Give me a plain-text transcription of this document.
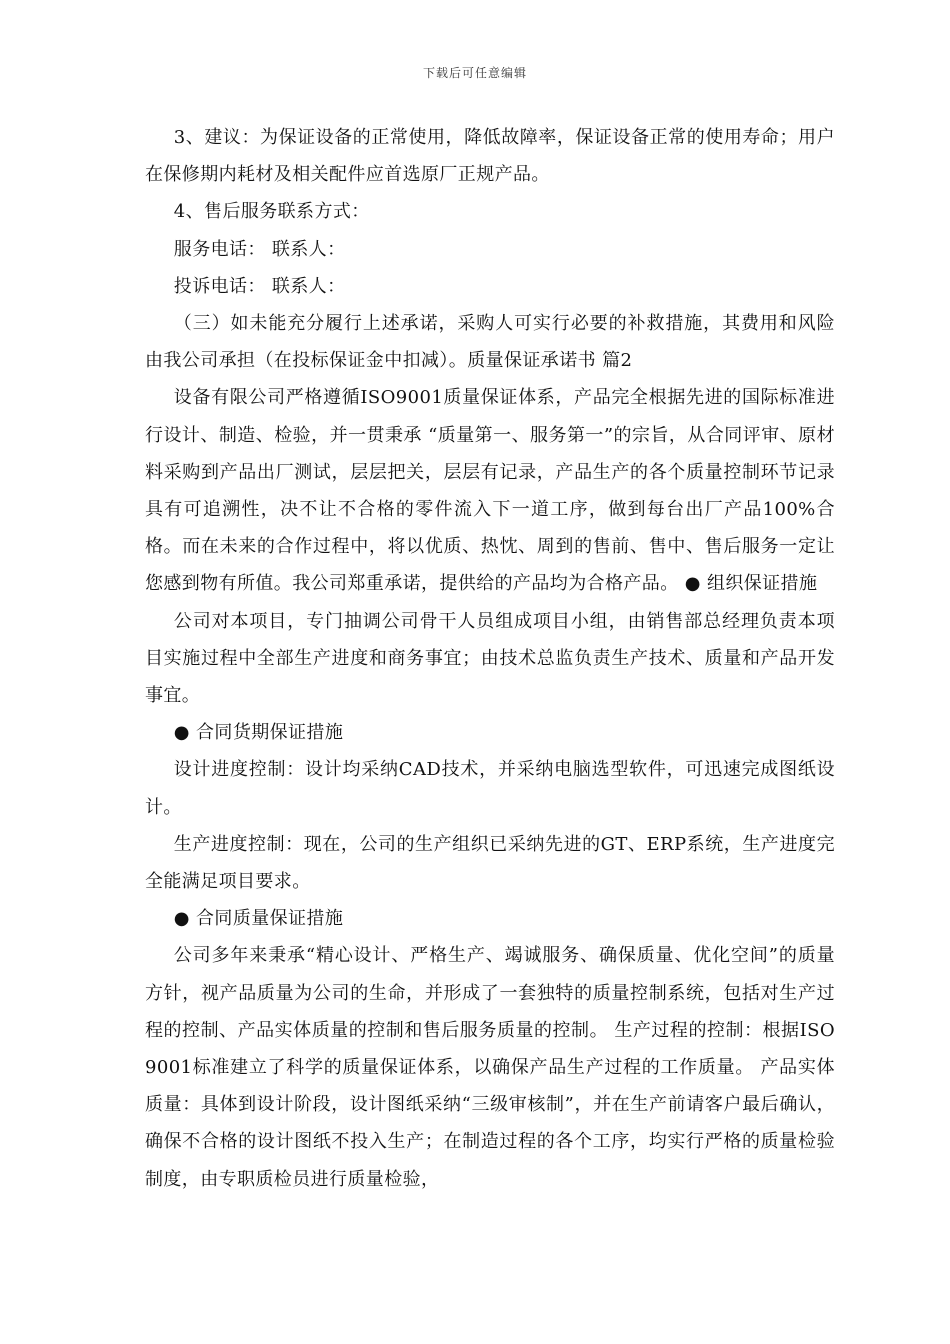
下载后可任意编辑

3、建议：为保证设备的正常使用，降低故障率，保证设备正常的使用寿命；用户在保修期内耗材及相关配件应首选原厂正规产品。

4、售后服务联系方式：

服务电话： 联系人：

投诉电话： 联系人：

（三）如未能充分履行上述承诺，采购人可实行必要的补救措施，其费用和风险由我公司承担（在投标保证金中扣减）。质量保证承诺书 篇2

设备有限公司严格遵循ISO9001质量保证体系，产品完全根据先进的国际标准进行设计、制造、检验，并一贯秉承 “质量第一、服务第一”的宗旨，从合同评审、原材料采购到产品出厂测试，层层把关，层层有记录，产品生产的各个质量控制环节记录具有可追溯性，决不让不合格的零件流入下一道工序，做到每台出厂产品100%合格。而在未来的合作过程中，将以优质、热忱、周到的售前、售中、售后服务一定让您感到物有所值。我公司郑重承诺，提供给的产品均为合格产品。 ● 组织保证措施

公司对本项目，专门抽调公司骨干人员组成项目小组，由销售部总经理负责本项目实施过程中全部生产进度和商务事宜；由技术总监负责生产技术、质量和产品开发事宜。

● 合同货期保证措施

设计进度控制：设计均采纳CAD技术，并采纳电脑选型软件，可迅速完成图纸设计。

生产进度控制：现在，公司的生产组织已采纳先进的GT、ERP系统，生产进度完全能满足项目要求。

● 合同质量保证措施

公司多年来秉承“精心设计、严格生产、竭诚服务、确保质量、优化空间”的质量方针，视产品质量为公司的生命，并形成了一套独特的质量控制系统，包括对生产过程的控制、产品实体质量的控制和售后服务质量的控制。 生产过程的控制：根据ISO9001标准建立了科学的质量保证体系，以确保产品生产过程的工作质量。 产品实体质量：具体到设计阶段，设计图纸采纳“三级审核制”，并在生产前请客户最后确认，确保不合格的设计图纸不投入生产；在制造过程的各个工序，均实行严格的质量检验制度，由专职质检员进行质量检验，
